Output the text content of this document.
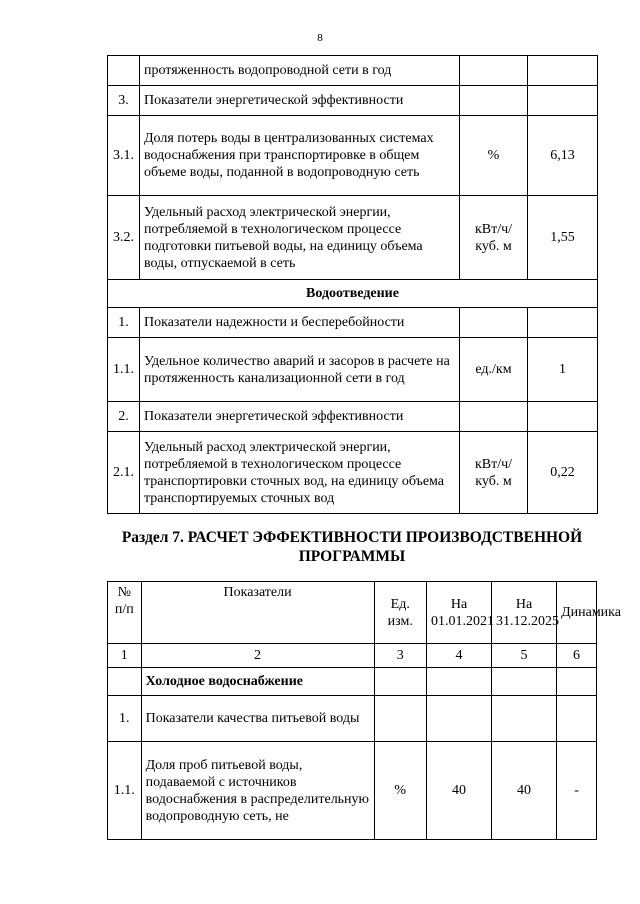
8
	протяженность водопроводной сети в год		
3.	Показатели энергетической эффективности		
3.1.	Доля потерь воды в централизованных системах водоснабжения при транспортировке в общем объеме воды, поданной в водопроводную сеть	%	6,13
3.2.	Удельный расход электрической энергии, потребляемой в технологическом процессе подготовки питьевой воды, на единицу объема воды, отпускаемой в сеть	кВт/ч/куб. м	1,55
Водоотведение			
1.	Показатели надежности и бесперебойности		
1.1.	Удельное количество аварий и засоров в расчете на протяженность канализационной сети в год	ед./км	1
2.	Показатели энергетической эффективности		
2.1.	Удельный расход электрической энергии, потребляемой в технологическом процессе транспортировки сточных вод, на единицу объема транспортируемых сточных вод	кВт/ч/куб. м	0,22
Раздел 7. РАСЧЕТ ЭФФЕКТИВНОСТИ ПРОИЗВОДСТВЕННОЙ ПРОГРАММЫ
№ п/п	Показатели	Ед. изм.	На 01.01.2021	На 31.12.2025	Динамика
1	2	3	4	5	6
	Холодное водоснабжение				
1.	Показатели качества питьевой воды				
1.1.	Доля проб питьевой воды, подаваемой с источников водоснабжения в распределительную водопроводную сеть, не	%	40	40	-
